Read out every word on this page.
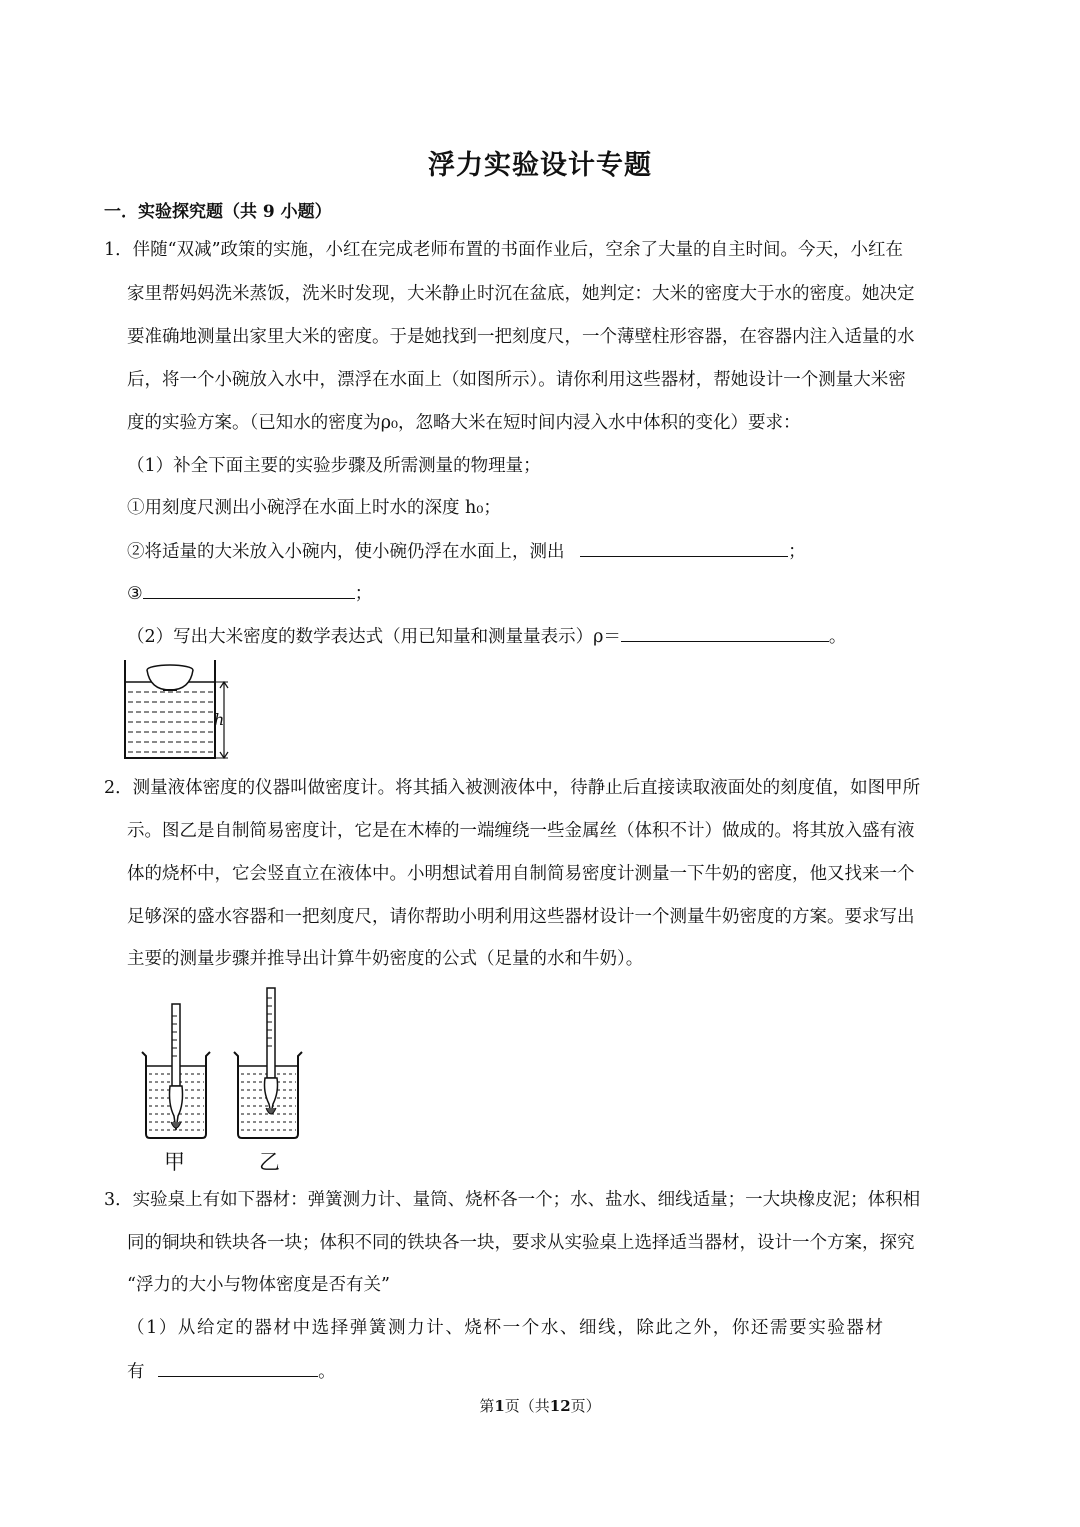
浮力实验设计专题
一．实验探究题（共 9 小题）
1．伴随“双减”政策的实施，小红在完成老师布置的书面作业后，空余了大量的自主时间。今天，小红在
家里帮妈妈洗米蒸饭，洗米时发现，大米静止时沉在盆底，她判定：大米的密度大于水的密度。她决定
要准确地测量出家里大米的密度。于是她找到一把刻度尺，一个薄壁柱形容器，在容器内注入适量的水
后，将一个小碗放入水中，漂浮在水面上（如图所示）。请你利用这些器材，帮她设计一个测量大米密
度的实验方案。（已知水的密度为ρ₀，忽略大米在短时间内浸入水中体积的变化）要求：
（1）补全下面主要的实验步骤及所需测量的物理量；
①用刻度尺测出小碗浮在水面上时水的深度 h₀；
②将适量的大米放入小碗内，使小碗仍浮在水面上，测出	；
③	；
（2）写出大米密度的数学表达式（用已知量和测量量表示）ρ＝	。
h
2．测量液体密度的仪器叫做密度计。将其插入被测液体中，待静止后直接读取液面处的刻度值，如图甲所
示。图乙是自制简易密度计，它是在木棒的一端缠绕一些金属丝（体积不计）做成的。将其放入盛有液
体的烧杯中，它会竖直立在液体中。小明想试着用自制简易密度计测量一下牛奶的密度，他又找来一个
足够深的盛水容器和一把刻度尺，请你帮助小明利用这些器材设计一个测量牛奶密度的方案。要求写出
主要的测量步骤并推导出计算牛奶密度的公式（足量的水和牛奶）。
甲	乙
3．实验桌上有如下器材：弹簧测力计、量筒、烧杯各一个；水、盐水、细线适量；一大块橡皮泥；体积相
同的铜块和铁块各一块；体积不同的铁块各一块，要求从实验桌上选择适当器材，设计一个方案，探究
“浮力的大小与物体密度是否有关”
（1）从给定的器材中选择弹簧测力计、烧杯一个水、细线，除此之外，你还需要实验器材
有	。
第1页（共12页）
